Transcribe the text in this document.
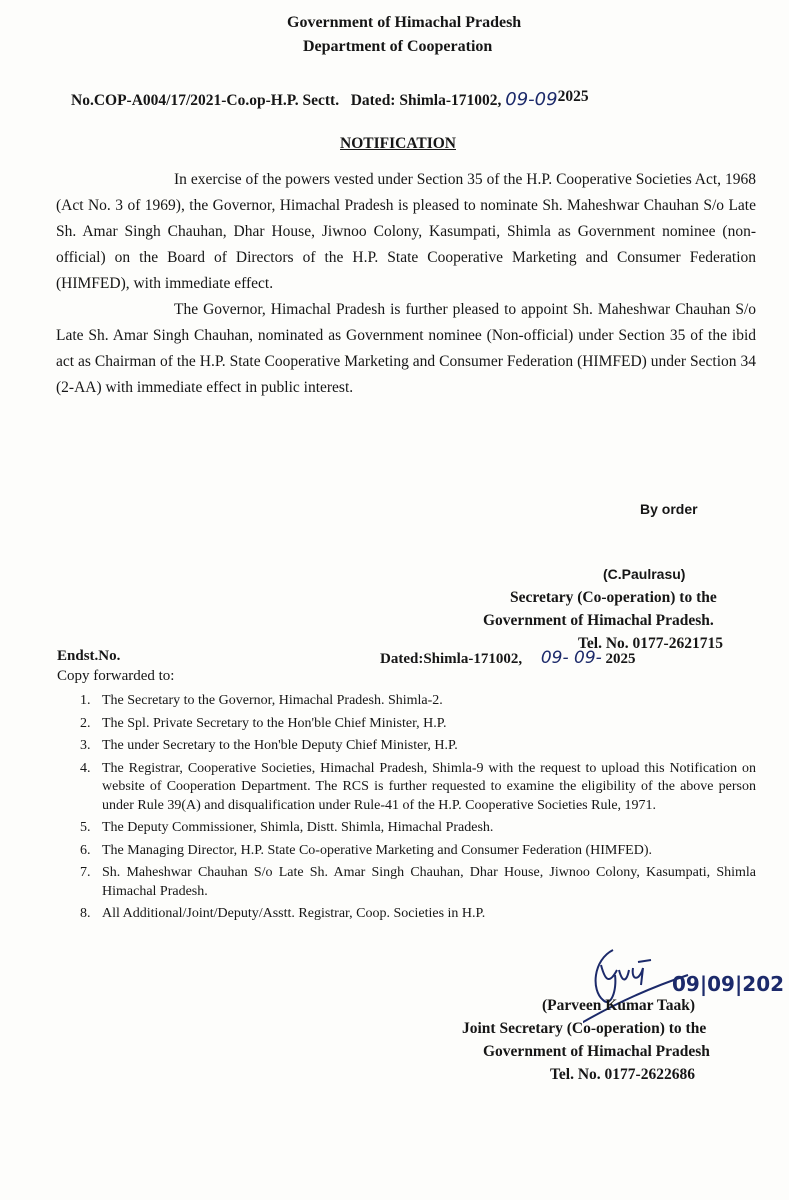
Government of Himachal Pradesh
Department of Cooperation
No.COP-A004/17/2021-Co.op-H.P. Sectt. Dated: Shimla-171002, 09-092025
NOTIFICATION
In exercise of the powers vested under Section 35 of the H.P. Cooperative Societies Act, 1968 (Act No. 3 of 1969), the Governor, Himachal Pradesh is pleased to nominate Sh. Maheshwar Chauhan S/o Late Sh. Amar Singh Chauhan, Dhar House, Jiwnoo Colony, Kasumpati, Shimla as Government nominee (non-official) on the Board of Directors of the H.P. State Cooperative Marketing and Consumer Federation (HIMFED), with immediate effect.
The Governor, Himachal Pradesh is further pleased to appoint Sh. Maheshwar Chauhan S/o Late Sh. Amar Singh Chauhan, nominated as Government nominee (Non-official) under Section 35 of the ibid act as Chairman of the H.P. State Cooperative Marketing and Consumer Federation (HIMFED) under Section 34 (2-AA) with immediate effect in public interest.
By order
(C.Paulrasu)
Secretary (Co-operation) to the
Government of Himachal Pradesh.
Tel. No. 0177-2621715
Endst.No.	Dated:Shimla-171002, 09- 09- 2025
Copy forwarded to:
1. The Secretary to the Governor, Himachal Pradesh. Shimla-2.
2. The Spl. Private Secretary to the Hon'ble Chief Minister, H.P.
3. The under Secretary to the Hon'ble Deputy Chief Minister, H.P.
4. The Registrar, Cooperative Societies, Himachal Pradesh, Shimla-9 with the request to upload this Notification on website of Cooperation Department. The RCS is further requested to examine the eligibility of the above person under Rule 39(A) and disqualification under Rule-41 of the H.P. Cooperative Societies Rule, 1971.
5. The Deputy Commissioner, Shimla, Distt. Shimla, Himachal Pradesh.
6. The Managing Director, H.P. State Co-operative Marketing and Consumer Federation (HIMFED).
7. Sh. Maheshwar Chauhan S/o Late Sh. Amar Singh Chauhan, Dhar House, Jiwnoo Colony, Kasumpati, Shimla Himachal Pradesh.
8. All Additional/Joint/Deputy/Asstt. Registrar, Coop. Societies in H.P.
09|09|202
(Parveen Kumar Taak)
Joint Secretary (Co-operation) to the
Government of Himachal Pradesh
Tel. No. 0177-2622686
